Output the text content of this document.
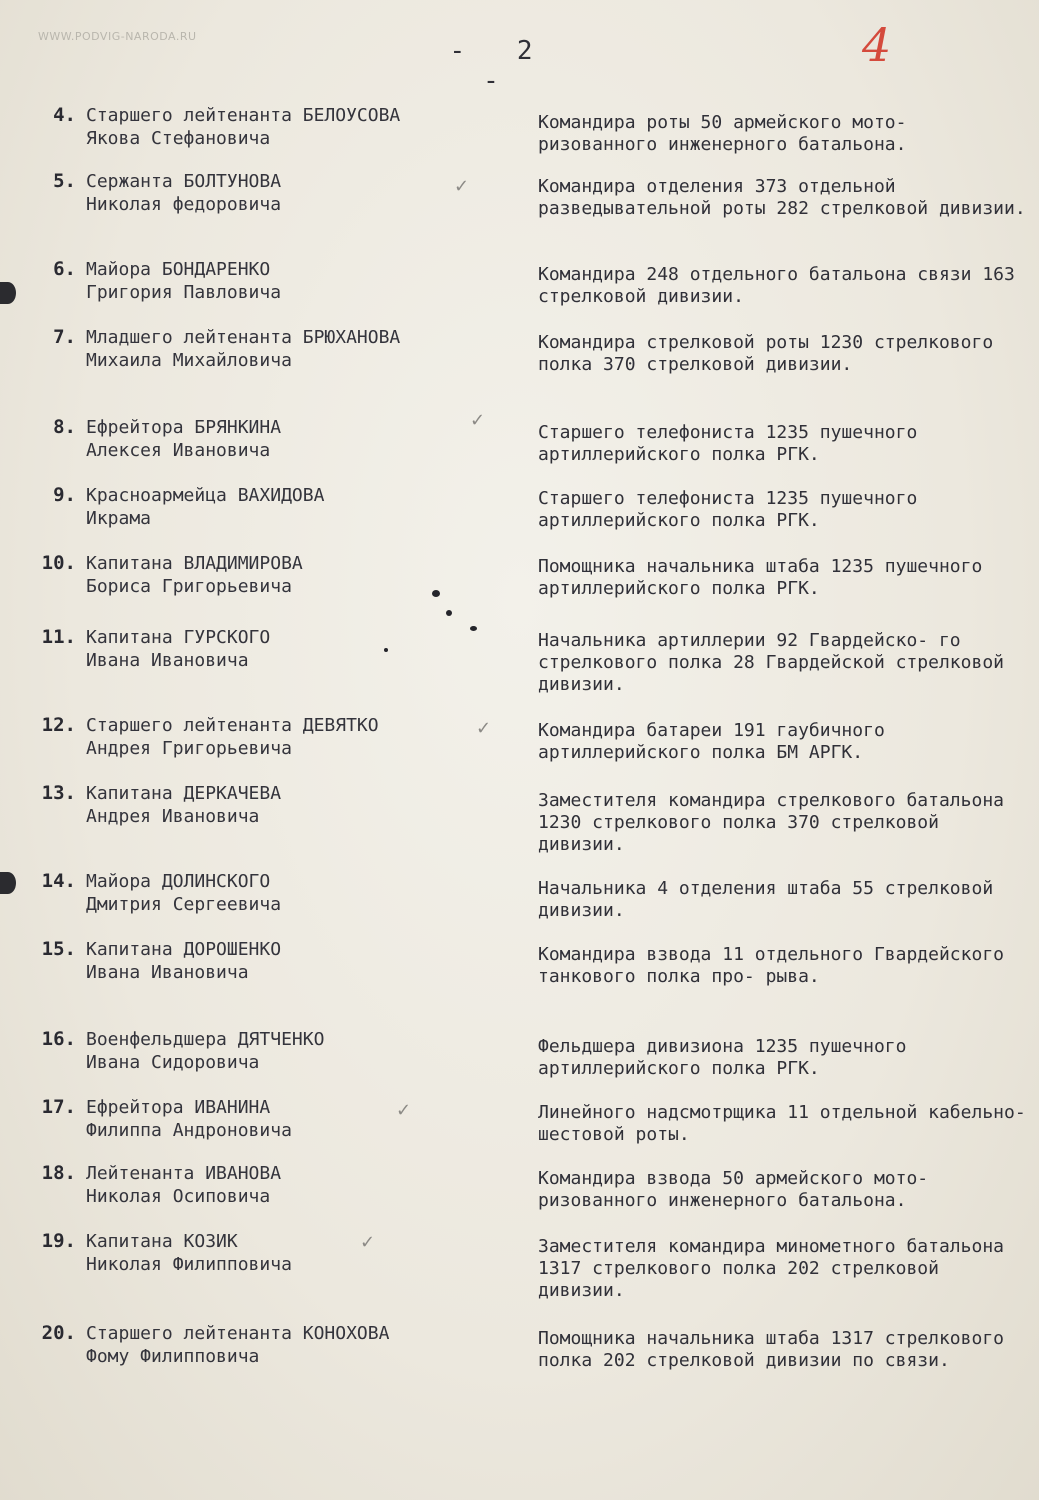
WWW.PODVIG-NARODA.RU	- 2 -
4
4. Старшего лейтенанта БЕЛОУСОВА
Якова Стефановича
Командира роты 50 армейского мото- ризованного инженерного батальона.
5. Сержанта БОЛТУНОВА
Николая федоровича
Командира отделения 373 отдельной разведывательной роты 282 стрелковой дивизии.
6. Майора БОНДАРЕНКО
Григория Павловича
Командира 248 отдельного батальона связи 163 стрелковой дивизии.
7. Младшего лейтенанта БРЮХАНОВА
Михаила Михайловича
Командира стрелковой роты 1230 стрелкового полка 370 стрелковой дивизии.
8. Ефрейтора БРЯНКИНА
Алексея Ивановича
Старшего телефониста 1235 пушечного артиллерийского полка РГК.
9. Красноармейца ВАХИДОВА
Икрама
Старшего телефониста 1235 пушечного артиллерийского полка РГК.
10. Капитана ВЛАДИМИРОВА
Бориса Григорьевича
Помощника начальника штаба 1235 пушечного артиллерийского полка РГК.
11. Капитана ГУРСКОГО
Ивана Ивановича
Начальника артиллерии 92 Гвардейско- го стрелкового полка 28 Гвардейской стрелковой дивизии.
12. Старшего лейтенанта ДЕВЯТКО
Андрея Григорьевича
Командира батареи 191 гаубичного артиллерийского полка БМ АРГК.
13. Капитана ДЕРКАЧЕВА
Андрея Ивановича
Заместителя командира стрелкового батальона 1230 стрелкового полка 370 стрелковой дивизии.
14. Майора ДОЛИНСКОГО
Дмитрия Сергеевича
Начальника 4 отделения штаба 55 стрелковой дивизии.
15. Капитана ДОРОШЕНКО
Ивана Ивановича
Командира взвода 11 отдельного Гвардейского танкового полка про- рыва.
16. Военфельдшера ДЯТЧЕНКО
Ивана Сидоровича
Фельдшера дивизиона 1235 пушечного артиллерийского полка РГК.
17. Ефрейтора ИВАНИНА
Филиппа Андроновича
Линейного надсмотрщика 11 отдельной кабельно-шестовой роты.
18. Лейтенанта ИВАНОВА
Николая Осиповича
Командира взвода 50 армейского мото- ризованного инженерного батальона.
19. Капитана КОЗИК
Николая Филипповича
Заместителя командира минометного батальона 1317 стрелкового полка 202 стрелковой дивизии.
20. Старшего лейтенанта КОНОХОВА
Фому Филипповича
Помощника начальника штаба 1317 стрелкового полка 202 стрелковой дивизии по связи.
✓
✓
✓
✓
✓
